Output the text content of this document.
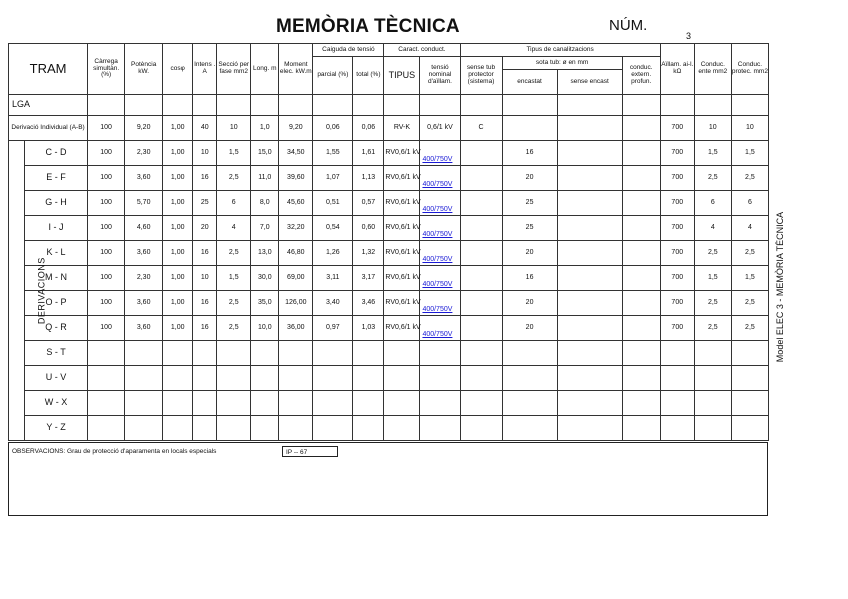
MEMÒRIA TÈCNICA	NÚM.
3
Model ELEC 3 - MEMÒRIA TÈCNICA
TRAM		Càrrega simultàn. (%)	Potència kW.	cosφ	Intens . A	Secció per fase mm2	Long. m	Moment elec. kW.m	Caiguda de tensió		Caract. conduct.		Tipus de canalitzacions				Aïllam. ai-l. kΩ	Conduc. ente mm2	Conduc. protec. mm2
									parcial (%)	total (%)	TIPUS	tensió nominal d'aïllam.	sense tub protector (sistema)	sota tub: ø en mm		conduc. extern. profun.			
														encastat	sense encast				
LGA																			
Derivació Individual (A-B)		100	9,20	1,00	40	10	1,0	9,20	0,06	0,06	RV-K	0,6/1 kV	C				700	10	10
DERIVACIONS	C - D	100	2,30	1,00	10	1,5	15,0	34,50	1,55	1,61	RV0,6/1 kV	400/750V		16			700	1,5	1,5
	E - F	100	3,60	1,00	16	2,5	11,0	39,60	1,07	1,13	RV0,6/1 kV	400/750V		20			700	2,5	2,5
	G - H	100	5,70	1,00	25	6	8,0	45,60	0,51	0,57	RV0,6/1 kV	400/750V		25			700	6	6
	I - J	100	4,60	1,00	20	4	7,0	32,20	0,54	0,60	RV0,6/1 kV	400/750V		25			700	4	4
	K - L	100	3,60	1,00	16	2,5	13,0	46,80	1,26	1,32	RV0,6/1 kV	400/750V		20			700	2,5	2,5
	M - N	100	2,30	1,00	10	1,5	30,0	69,00	3,11	3,17	RV0,6/1 kV	400/750V		16			700	1,5	1,5
	O - P	100	3,60	1,00	16	2,5	35,0	126,00	3,40	3,46	RV0,6/1 kV	400/750V		20			700	2,5	2,5
	Q - R	100	3,60	1,00	16	2,5	10,0	36,00	0,97	1,03	RV0,6/1 kV	400/750V		20			700	2,5	2,5
	S - T																		
	U - V																		
	W - X																		
	Y - Z																		
OBSERVACIONS: Grau de protecció d'aparamenta en locals especials	IP -- 67
